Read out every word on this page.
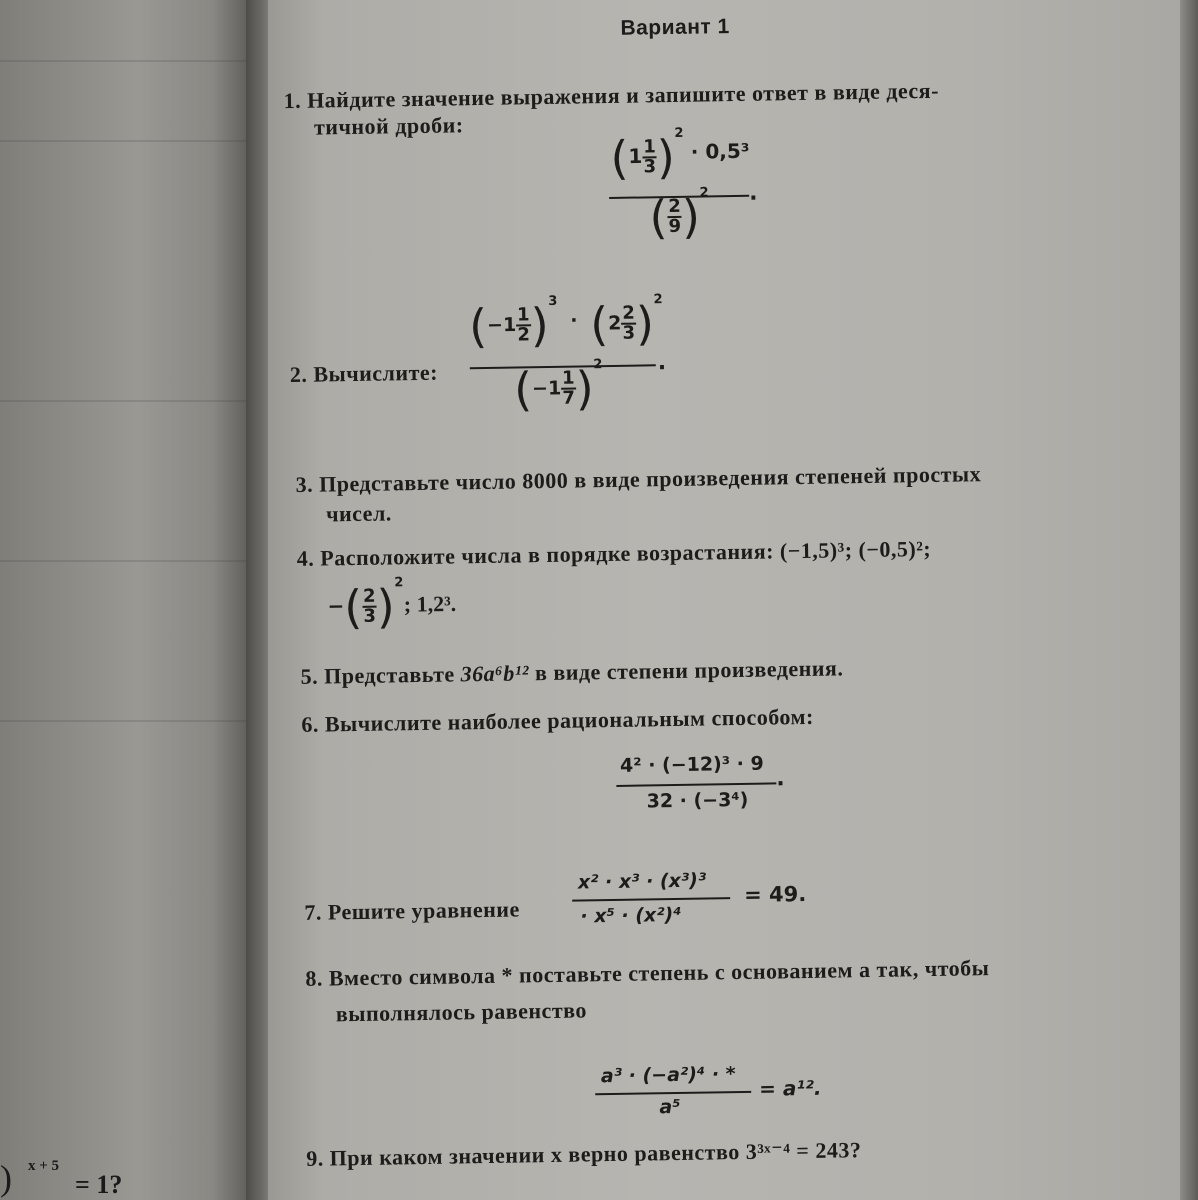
) x + 5
= 1?
Вариант 1
1. Найдите значение выражения и запишите ответ в виде деся-
тичной дроби:
$(1 \frac{1}{3} )^2 \cdot 0,5^3$
.
( $\frac{2}{9} )^2$
2. Вычислите:
$(-1 \frac{1}{2} )^3 \cdot (2 \frac{2}{3} )^2$
.
$(-1 \frac{1}{7} )^2$
3. Представьте число 8000 в виде произведения степеней простых
чисел.
4. Расположите числа в порядке возрастания: (−1,5)³; (−0,5)²;
−( $\frac{2}{3} )^2$; 1,2³.
5. Представьте 36a⁶b¹² в виде степени произведения.
6. Вычислите наиболее рациональным способом:
4² · (−12)³ · 9
.
32 · (−3⁴)
7. Решите уравнение
x² · x³ · (x³)³
= 49.
· x⁵ · (x²)⁴
8. Вместо символа * поставьте степень с основанием a так, чтобы
выполнялось равенство
a³ · (−a²)⁴ · *
= a¹².
a⁵
9. При каком значении x верно равенство 3³ˣ⁻⁴ = 243?
